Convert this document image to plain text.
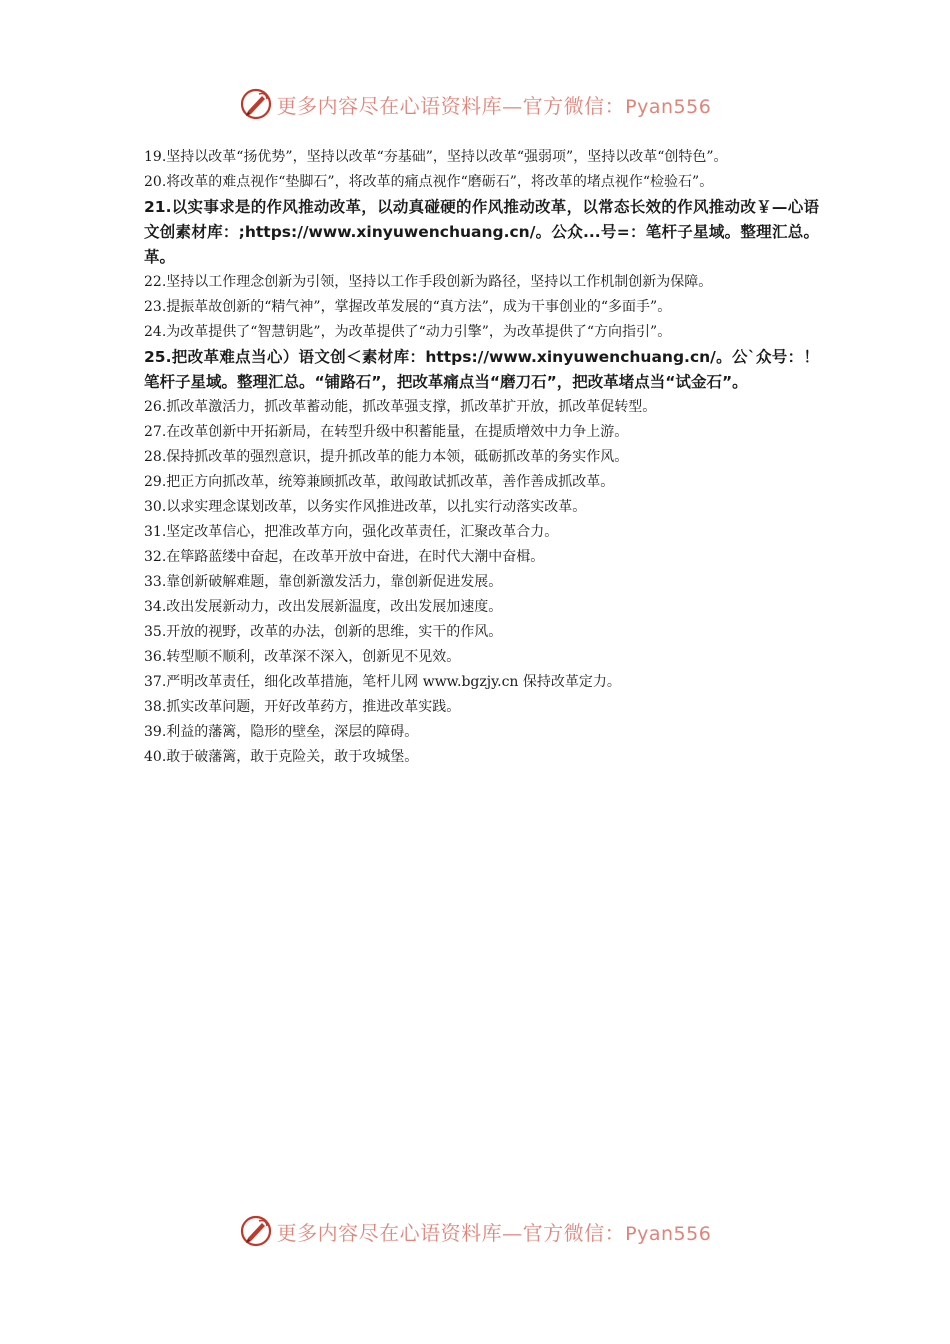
更多内容尽在心语资料库—官方微信：Pyan556

19.坚持以改革“扬优势”，坚持以改革“夯基础”，坚持以改革“强弱项”，坚持以改革“创特色”。

20.将改革的难点视作“垫脚石”，将改革的痛点视作“磨砺石”，将改革的堵点视作“检验石”。

21.以实事求是的作风推动改革，以动真碰硬的作风推动改革，以常态长效的作风推动改￥—心语文创素材库：;https://www.xinyuwenchuang.cn/。公众...号=：笔杆子星域。整理汇总。革。

22.坚持以工作理念创新为引领，坚持以工作手段创新为路径，坚持以工作机制创新为保障。

23.提振革故创新的“精气神”，掌握改革发展的“真方法”，成为干事创业的“多面手”。

24.为改革提供了“智慧钥匙”，为改革提供了“动力引擎”，为改革提供了“方向指引”。

25.把改革难点当心）语文创＜素材库：https://www.xinyuwenchuang.cn/。公`众号：！笔杆子星域。整理汇总。“铺路石”，把改革痛点当“磨刀石”，把改革堵点当“试金石”。

26.抓改革激活力，抓改革蓄动能，抓改革强支撑，抓改革扩开放，抓改革促转型。

27.在改革创新中开拓新局，在转型升级中积蓄能量，在提质增效中力争上游。

28.保持抓改革的强烈意识，提升抓改革的能力本领，砥砺抓改革的务实作风。

29.把正方向抓改革，统筹兼顾抓改革，敢闯敢试抓改革，善作善成抓改革。

30.以求实理念谋划改革，以务实作风推进改革，以扎实行动落实改革。

31.坚定改革信心，把准改革方向，强化改革责任，汇聚改革合力。

32.在筚路蓝缕中奋起，在改革开放中奋进，在时代大潮中奋楫。

33.靠创新破解难题，靠创新激发活力，靠创新促进发展。

34.改出发展新动力，改出发展新温度，改出发展加速度。

35.开放的视野，改革的办法，创新的思维，实干的作风。

36.转型顺不顺利，改革深不深入，创新见不见效。

37.严明改革责任，细化改革措施，笔杆儿网 www.bgzjy.cn 保持改革定力。

38.抓实改革问题，开好改革药方，推进改革实践。

39.利益的藩篱，隐形的壁垒，深层的障碍。

40.敢于破藩篱，敢于克险关，敢于攻城堡。

更多内容尽在心语资料库—官方微信：Pyan556
